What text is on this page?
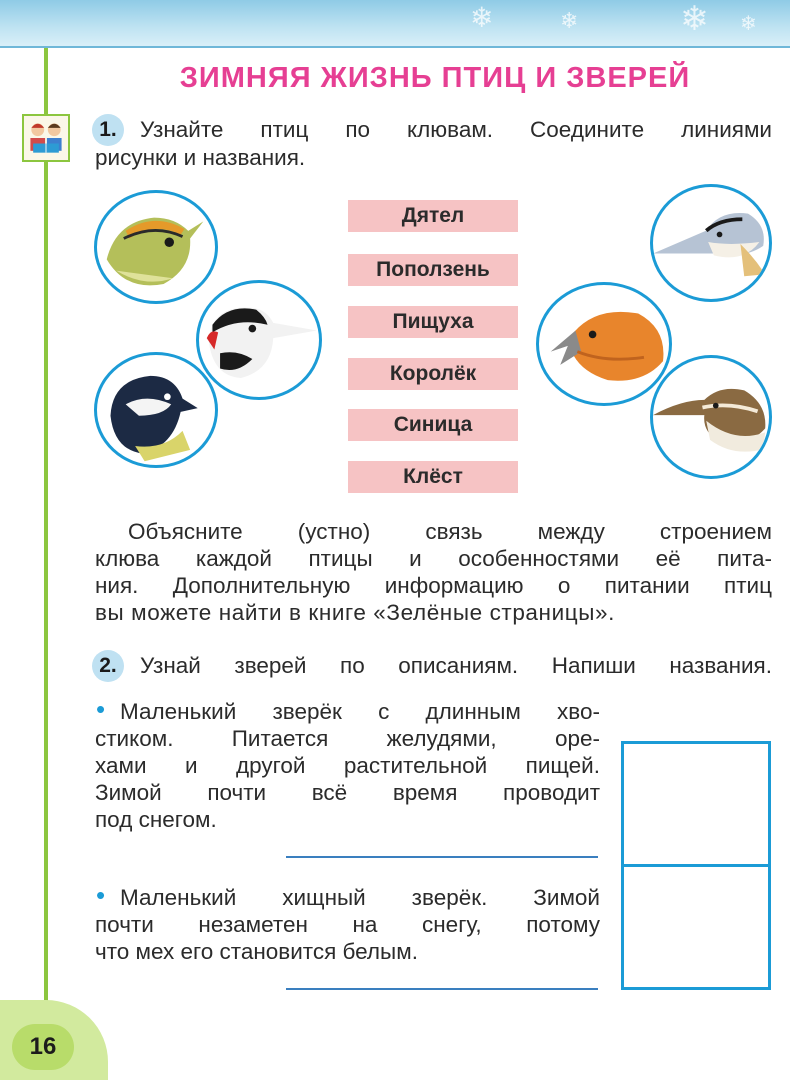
❄	❄	❄ ❄
ЗИМНЯЯ ЖИЗНЬ ПТИЦ И ЗВЕРЕЙ
1.	Узнайте птиц по клювам. Соедините линиями
рисунки и названия.
Дятел
Поползень
Пищуха
Королёк
Синица
Клёст
Объясните (устно) связь между строением
клюва каждой птицы и особенностями её пита-
ния. Дополнительную информацию о питании птиц
вы можете найти в книге «Зелёные страницы».
2.	Узнай зверей по описаниям. Напиши названия.
• Маленький зверёк с длинным хво-
стиком. Питается желудями, оре-
хами и другой растительной пищей.
Зимой почти всё время проводит
под снегом.
• Маленький хищный зверёк. Зимой
почти незаметен на снегу, потому
что мех его становится белым.
16
